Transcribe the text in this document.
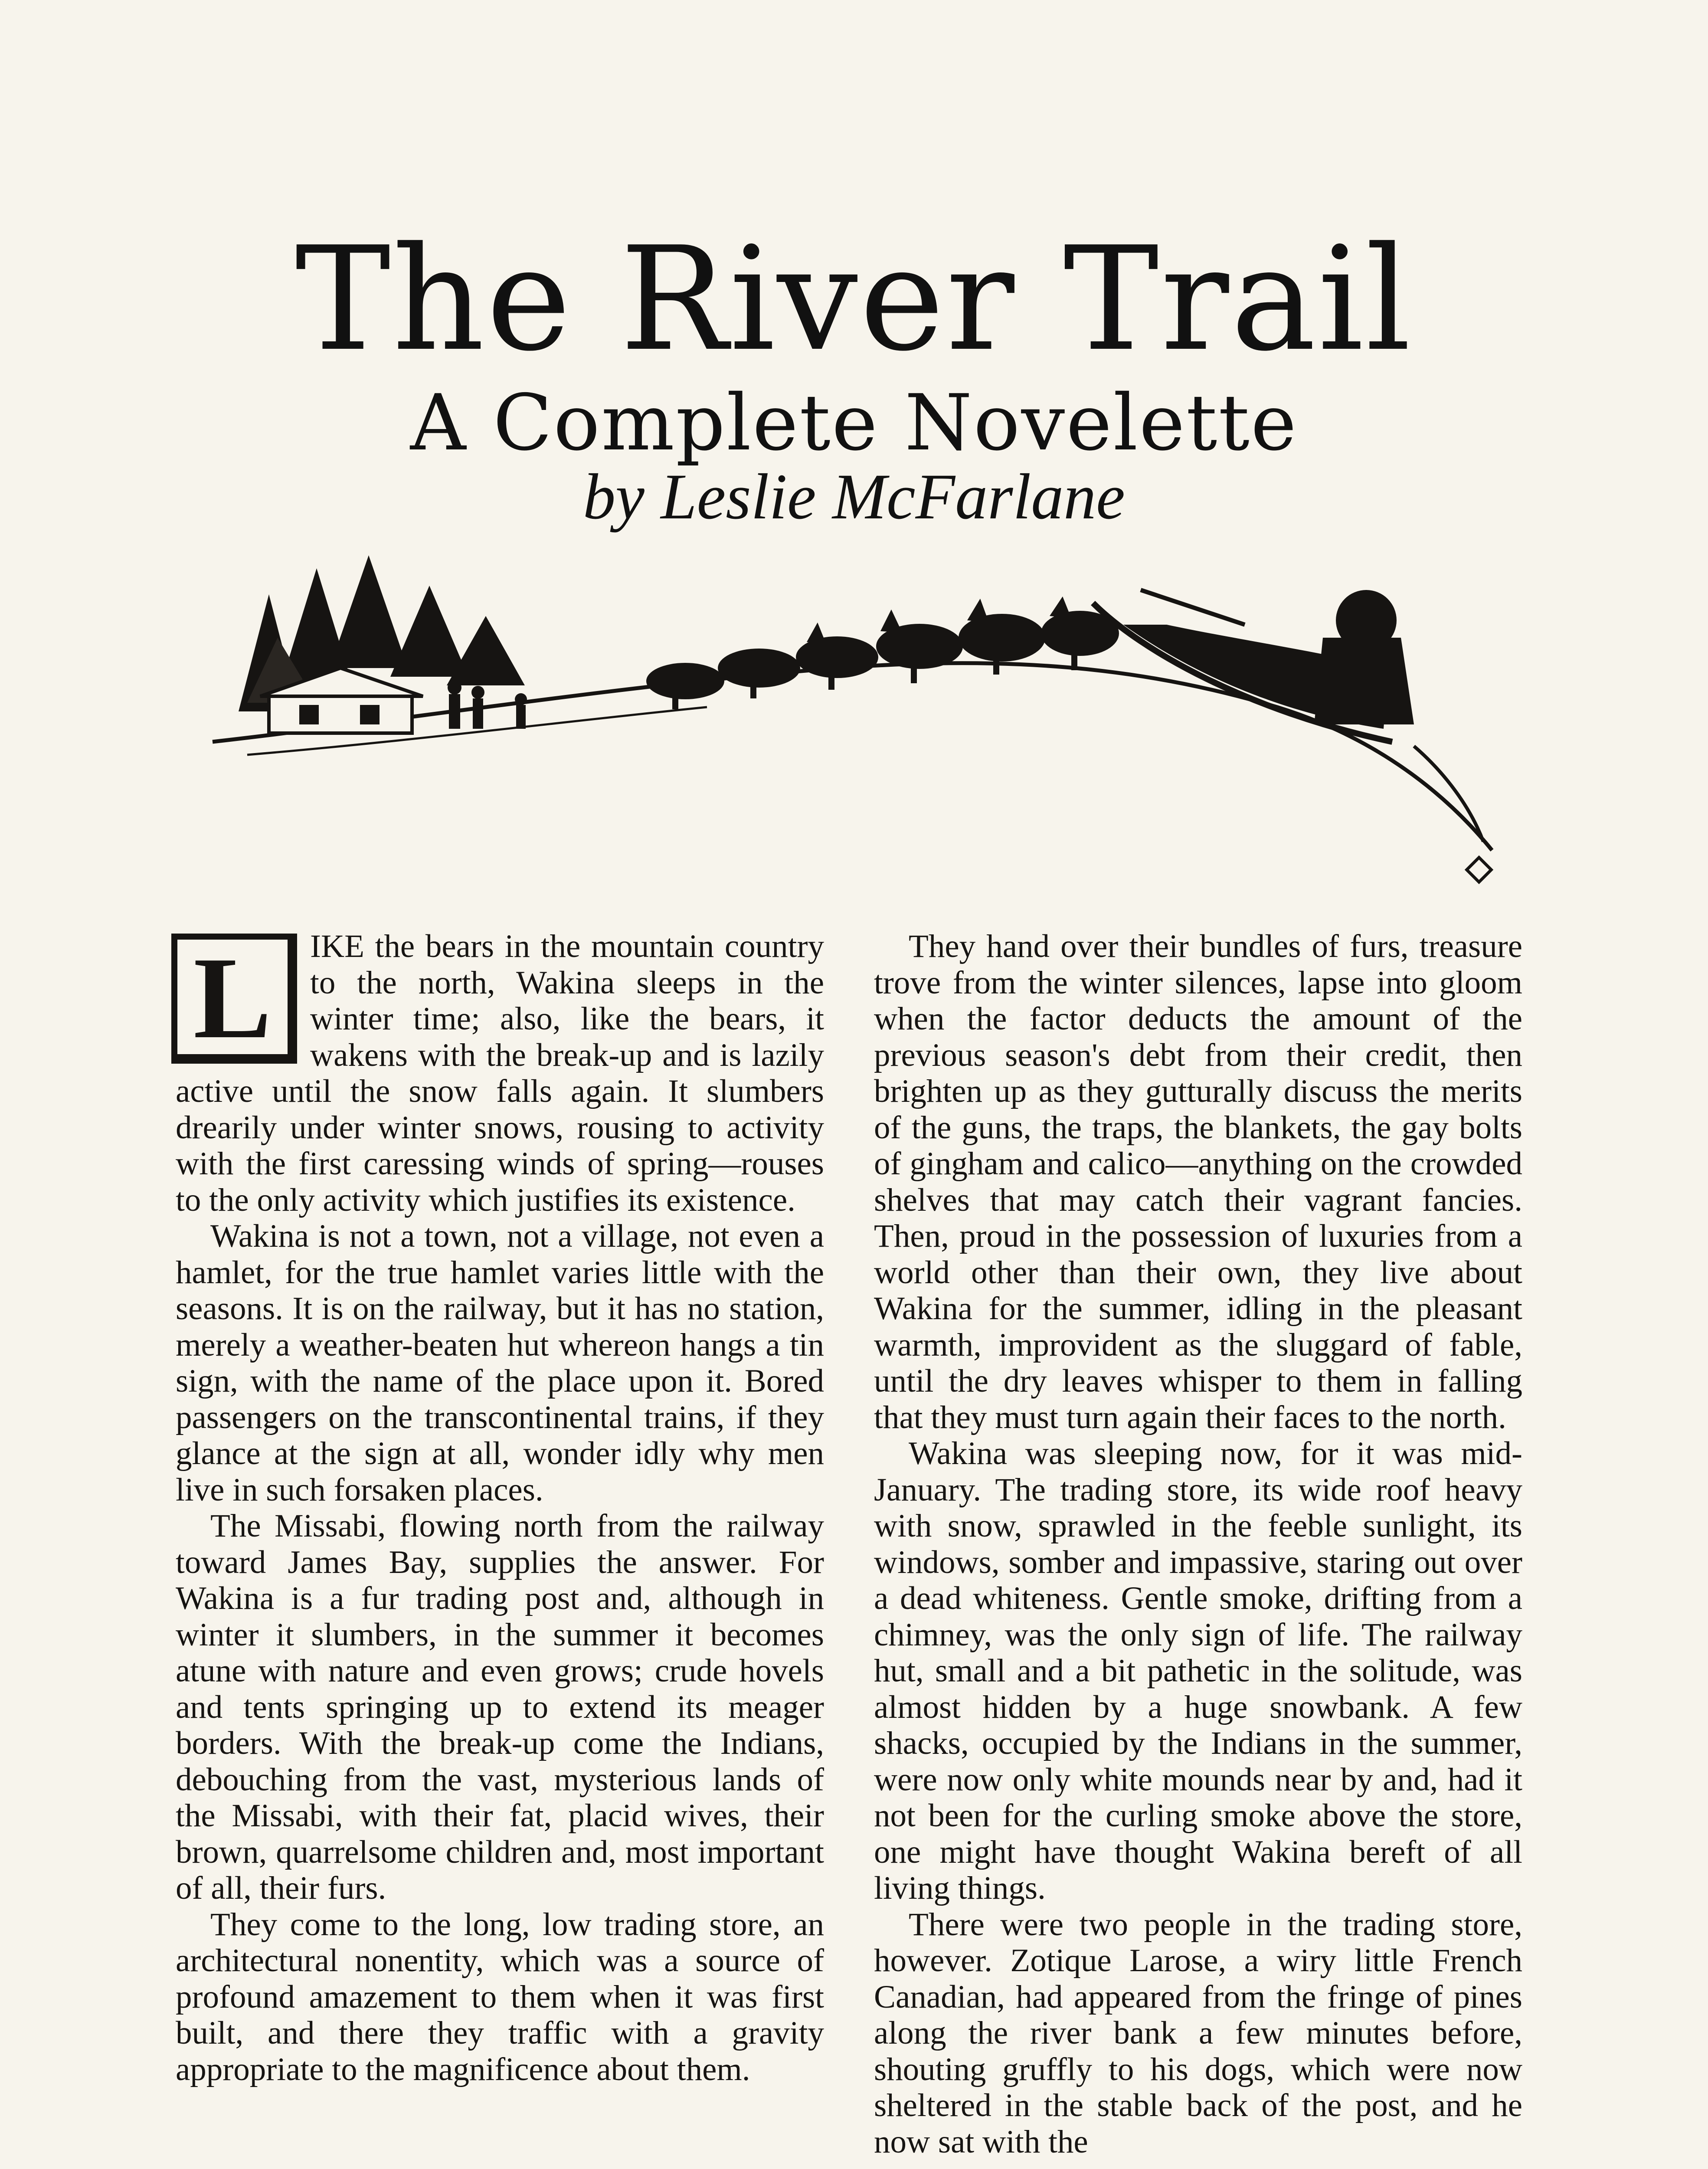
The River Trail
A Complete Novelette
by Leslie McFarlane
L	IKE the bears in the mountain country to the north, Wakina sleeps in the winter time; also, like the bears, it wakens with the break-up and is lazily active until the snow falls again. It slumbers drearily under winter snows, rousing to activity with the first caressing winds of spring—rouses to the only activity which justifies its existence.

Wakina is not a town, not a village, not even a hamlet, for the true hamlet varies little with the seasons. It is on the railway, but it has no station, merely a weather-beaten hut whereon hangs a tin sign, with the name of the place upon it. Bored passengers on the transcontinental trains, if they glance at the sign at all, wonder idly why men live in such forsaken places.

The Missabi, flowing north from the railway toward James Bay, supplies the answer. For Wakina is a fur trading post and, although in winter it slumbers, in the summer it becomes atune with nature and even grows; crude hovels and tents springing up to extend its meager borders. With the break-up come the Indians, debouching from the vast, mysterious lands of the Missabi, with their fat, placid wives, their brown, quarrelsome children and, most important of all, their furs.

They come to the long, low trading store, an architectural nonentity, which was a source of profound amazement to them when it was first built, and there they traffic with a gravity appropriate to the magnificence about them.

They hand over their bundles of furs, treasure trove from the winter silences, lapse into gloom when the factor deducts the amount of the previous season's debt from their credit, then brighten up as they gutturally discuss the merits of the guns, the traps, the blankets, the gay bolts of gingham and calico—anything on the crowded shelves that may catch their vagrant fancies. Then, proud in the possession of luxuries from a world other than their own, they live about Wakina for the summer, idling in the pleasant warmth, improvident as the sluggard of fable, until the dry leaves whisper to them in falling that they must turn again their faces to the north.

Wakina was sleeping now, for it was mid-January. The trading store, its wide roof heavy with snow, sprawled in the feeble sunlight, its windows, somber and impassive, staring out over a dead whiteness. Gentle smoke, drifting from a chimney, was the only sign of life. The railway hut, small and a bit pathetic in the solitude, was almost hidden by a huge snowbank. A few shacks, occupied by the Indians in the summer, were now only white mounds near by and, had it not been for the curling smoke above the store, one might have thought Wakina bereft of all living things.

There were two people in the trading store, however. Zotique Larose, a wiry little French Canadian, had appeared from the fringe of pines along the river bank a few minutes before, shouting gruffly to his dogs, which were now sheltered in the stable back of the post, and he now sat with the
